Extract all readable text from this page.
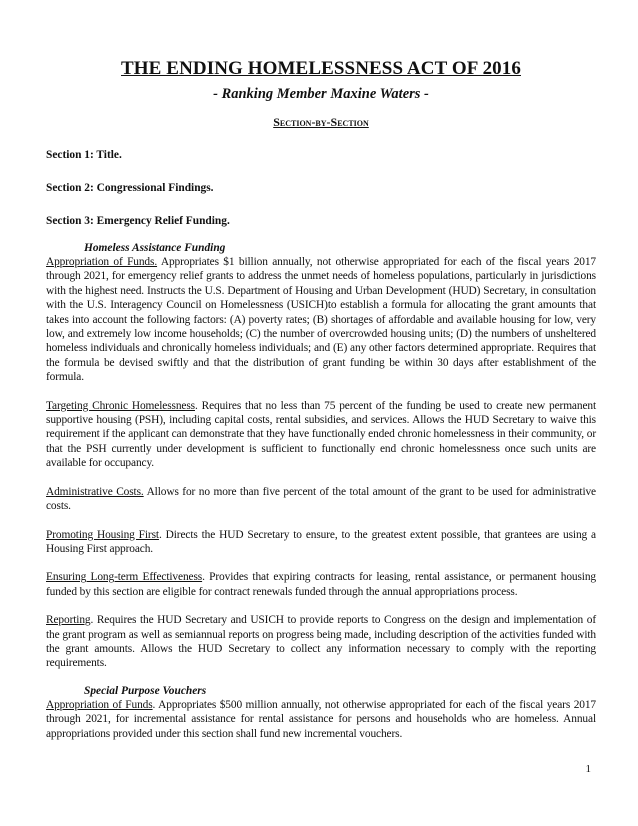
THE ENDING HOMELESSNESS ACT OF 2016
- Ranking Member Maxine Waters -
Section-by-Section
Section 1: Title.
Section 2: Congressional Findings.
Section 3: Emergency Relief Funding.
Homeless Assistance Funding

Appropriation of Funds. Appropriates $1 billion annually, not otherwise appropriated for each of the fiscal years 2017 through 2021, for emergency relief grants to address the unmet needs of homeless populations, particularly in jurisdictions with the highest need. Instructs the U.S. Department of Housing and Urban Development (HUD) Secretary, in consultation with the U.S. Interagency Council on Homelessness (USICH)to establish a formula for allocating the grant amounts that takes into account the following factors: (A) poverty rates; (B) shortages of affordable and available housing for low, very low, and extremely low income households; (C) the number of overcrowded housing units; (D) the numbers of unsheltered homeless individuals and chronically homeless individuals; and (E) any other factors determined appropriate. Requires that the formula be devised swiftly and that the distribution of grant funding be within 30 days after establishment of the formula.

Targeting Chronic Homelessness. Requires that no less than 75 percent of the funding be used to create new permanent supportive housing (PSH), including capital costs, rental subsidies, and services. Allows the HUD Secretary to waive this requirement if the applicant can demonstrate that they have functionally ended chronic homelessness in their community, or that the PSH currently under development is sufficient to functionally end chronic homelessness once such units are available for occupancy.

Administrative Costs. Allows for no more than five percent of the total amount of the grant to be used for administrative costs.

Promoting Housing First. Directs the HUD Secretary to ensure, to the greatest extent possible, that grantees are using a Housing First approach.

Ensuring Long-term Effectiveness. Provides that expiring contracts for leasing, rental assistance, or permanent housing funded by this section are eligible for contract renewals funded through the annual appropriations process.

Reporting. Requires the HUD Secretary and USICH to provide reports to Congress on the design and implementation of the grant program as well as semiannual reports on progress being made, including description of the activities funded with the grant amounts. Allows the HUD Secretary to collect any information necessary to comply with the reporting requirements.

Special Purpose Vouchers

Appropriation of Funds. Appropriates $500 million annually, not otherwise appropriated for each of the fiscal years 2017 through 2021, for incremental assistance for rental assistance for persons and households who are homeless. Annual appropriations provided under this section shall fund new incremental vouchers.

1
